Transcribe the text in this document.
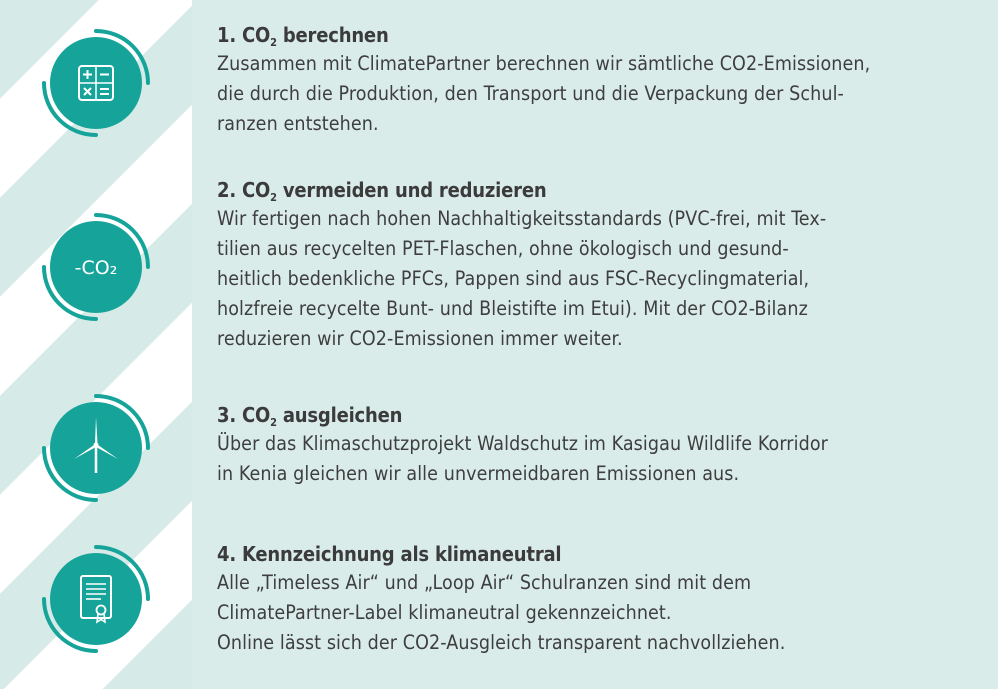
-CO₂
1. $CO_2$ berechnen
Zusammen mit ClimatePartner berechnen wir sämtliche CO2-Emissionen,
die durch die Produktion, den Transport und die Verpackung der Schul-
ranzen entstehen.
2. $CO_2$ vermeiden und reduzieren
Wir fertigen nach hohen Nachhaltigkeitsstandards (PVC-frei, mit Tex-
tilien aus recycelten PET-Flaschen, ohne ökologisch und gesund-
heitlich bedenkliche PFCs, Pappen sind aus FSC-Recyclingmaterial,
holzfreie recycelte Bunt- und Bleistifte im Etui). Mit der CO2-Bilanz
reduzieren wir CO2-Emissionen immer weiter.
3. $CO_2$ ausgleichen
Über das Klimaschutzprojekt Waldschutz im Kasigau Wildlife Korridor
in Kenia gleichen wir alle unvermeidbaren Emissionen aus.
4. Kennzeichnung als klimaneutral
Alle „Timeless Air“ und „Loop Air“ Schulranzen sind mit dem
ClimatePartner-Label klimaneutral gekennzeichnet.
Online lässt sich der CO2-Ausgleich transparent nachvollziehen.
